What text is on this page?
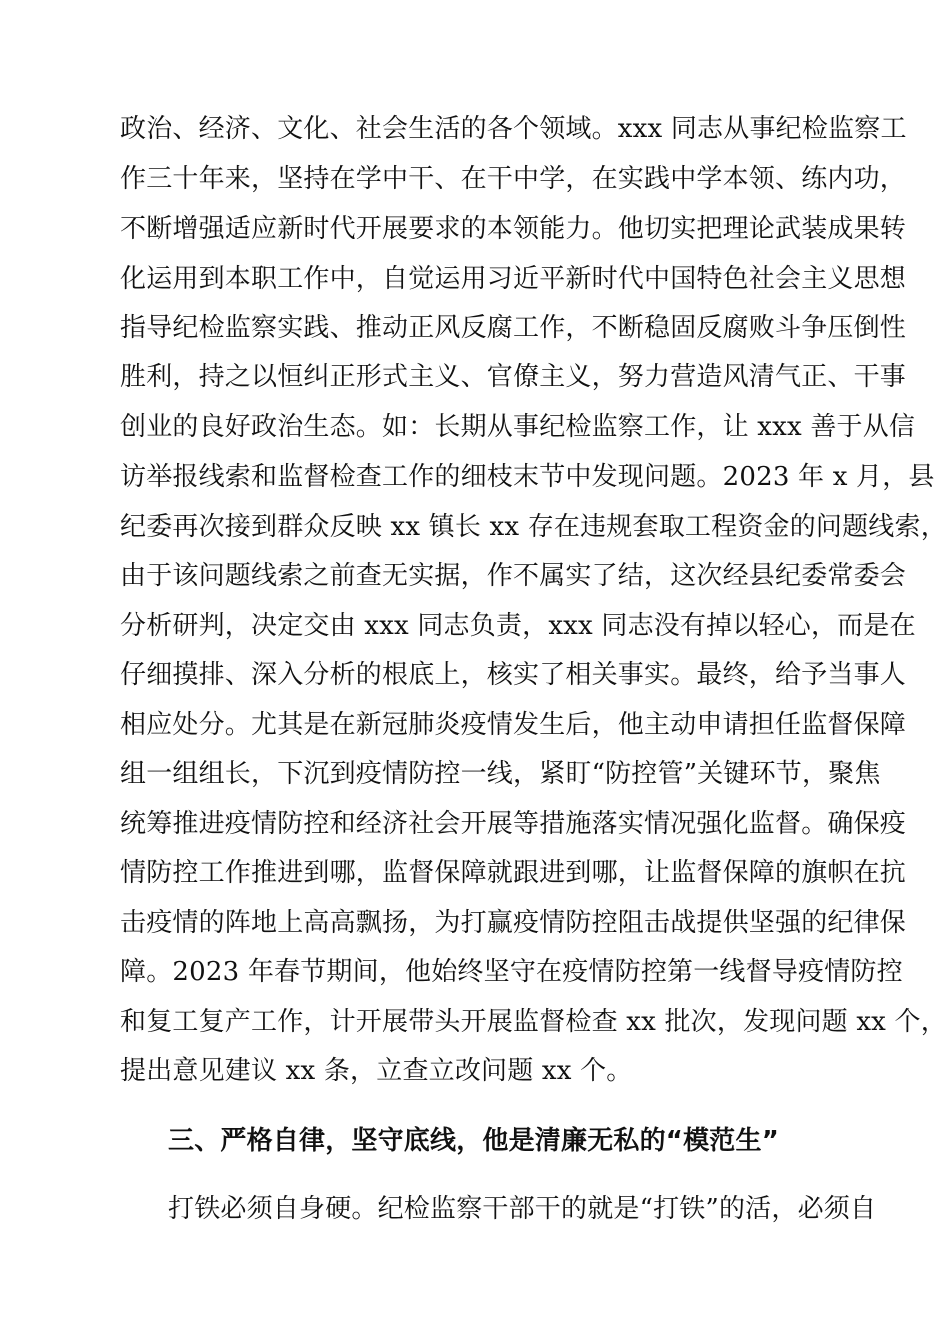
政治、经济、文化、社会生活的各个领域。xxx 同志从事纪检监察工
作三十年来，坚持在学中干、在干中学，在实践中学本领、练内功，
不断增强适应新时代开展要求的本领能力。他切实把理论武装成果转
化运用到本职工作中，自觉运用习近平新时代中国特色社会主义思想
指导纪检监察实践、推动正风反腐工作，不断稳固反腐败斗争压倒性
胜利，持之以恒纠正形式主义、官僚主义，努力营造风清气正、干事
创业的良好政治生态。如：长期从事纪检监察工作，让 xxx 善于从信
访举报线索和监督检查工作的细枝末节中发现问题。2023 年 x 月，县
纪委再次接到群众反映 xx 镇长 xx 存在违规套取工程资金的问题线索，
由于该问题线索之前查无实据，作不属实了结，这次经县纪委常委会
分析研判，决定交由 xxx 同志负责，xxx 同志没有掉以轻心，而是在
仔细摸排、深入分析的根底上，核实了相关事实。最终，给予当事人
相应处分。尤其是在新冠肺炎疫情发生后，他主动申请担任监督保障
组一组组长，下沉到疫情防控一线，紧盯“防控管”关键环节，聚焦
统筹推进疫情防控和经济社会开展等措施落实情况强化监督。确保疫
情防控工作推进到哪，监督保障就跟进到哪，让监督保障的旗帜在抗
击疫情的阵地上高高飘扬，为打赢疫情防控阻击战提供坚强的纪律保
障。2023 年春节期间，他始终坚守在疫情防控第一线督导疫情防控
和复工复产工作，计开展带头开展监督检查 xx 批次，发现问题 xx 个，
提出意见建议 xx 条，立查立改问题 xx 个。
三、严格自律，坚守底线，他是清廉无私的“模范生”
打铁必须自身硬。纪检监察干部干的就是“打铁”的活，必须自
